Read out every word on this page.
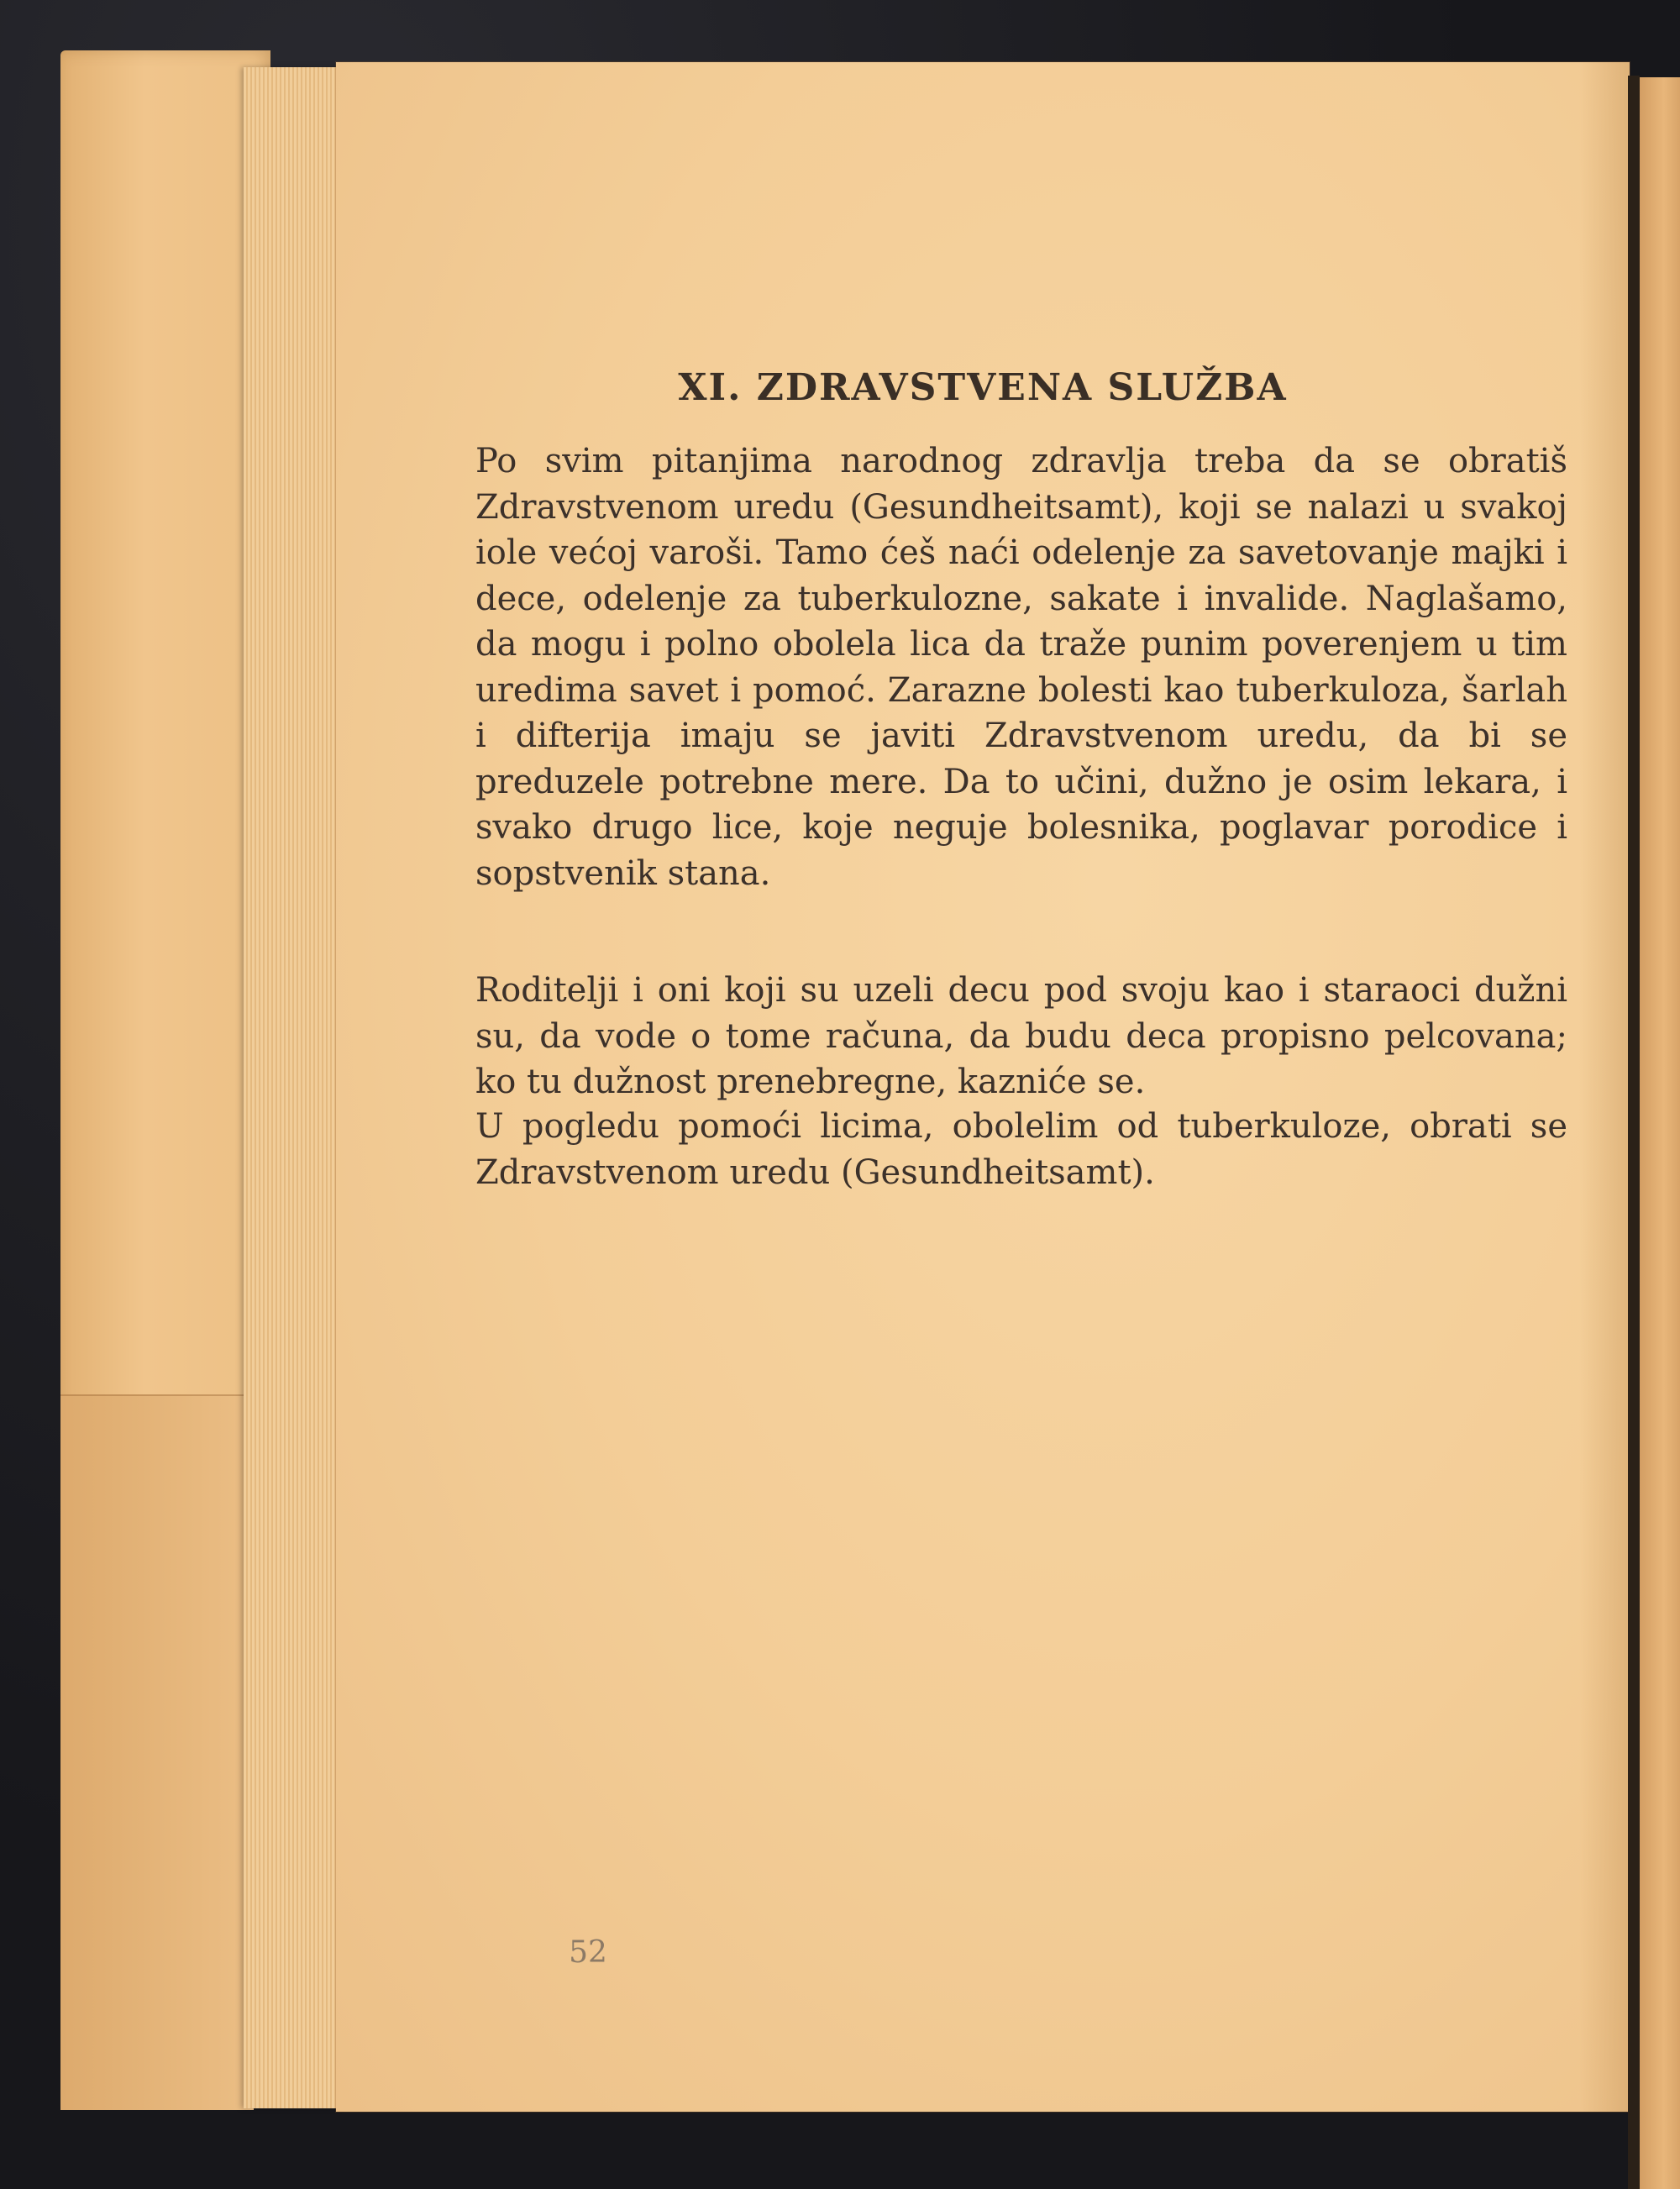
XI. ZDRAVSTVENA SLUŽBA

Po svim pitanjima narodnog zdravlja treba da se obratiš Zdravstvenom uredu (Gesundheitsamt), koji se nalazi u svakoj iole većoj varoši. Tamo ćeš naći odelenje za savetovanje majki i dece, odelenje za tuberkulozne, sakate i invalide. Naglašamo, da mogu i polno obolela lica da traže punim poverenjem u tim uredima savet i pomoć. Zarazne bolesti kao tuberkuloza, šarlah i difterija imaju se javiti Zdravstvenom uredu, da bi se preduzele potrebne mere. Da to učini, dužno je osim lekara, i svako drugo lice, koje neguje bolesnika, poglavar porodice i sopstvenik stana.

Roditelji i oni koji su uzeli decu pod svoju kao i staraoci dužni su, da vode o tome računa, da budu deca propisno pelcovana; ko tu dužnost prenebregne, kazniće se.

U pogledu pomoći licima, obolelim od tuberkuloze, obrati se Zdravstvenom uredu (Gesundheitsamt).

52
